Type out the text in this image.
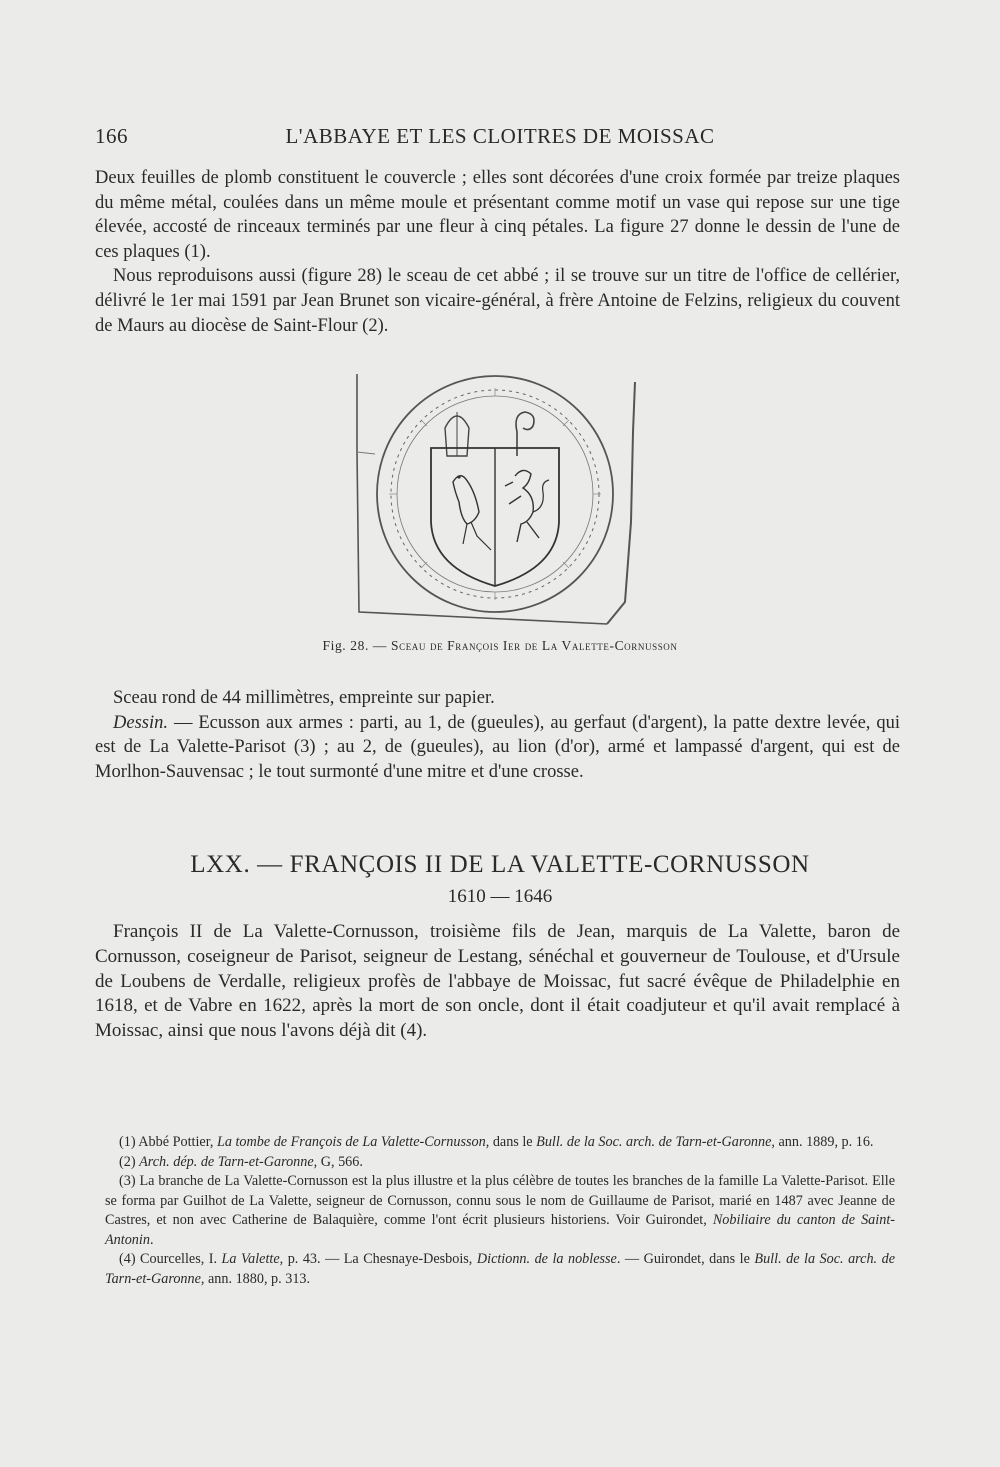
166	L'ABBAYE ET LES CLOITRES DE MOISSAC

Deux feuilles de plomb constituent le couvercle ; elles sont décorées d'une croix formée par treize plaques du même métal, coulées dans un même moule et présentant comme motif un vase qui repose sur une tige élevée, accosté de rinceaux terminés par une fleur à cinq pétales. La figure 27 donne le dessin de l'une de ces plaques (1).

Nous reproduisons aussi (figure 28) le sceau de cet abbé ; il se trouve sur un titre de l'office de cellérier, délivré le 1er mai 1591 par Jean Brunet son vicaire-général, à frère Antoine de Felzins, religieux du couvent de Maurs au diocèse de Saint-Flour (2).

Fig. 28. — Sceau de François Ier de La Valette-Cornusson

Sceau rond de 44 millimètres, empreinte sur papier.

Dessin. — Ecusson aux armes : parti, au 1, de (gueules), au gerfaut (d'argent), la patte dextre levée, qui est de La Valette-Parisot (3) ; au 2, de (gueules), au lion (d'or), armé et lampassé d'argent, qui est de Morlhon-Sauvensac ; le tout surmonté d'une mitre et d'une crosse.

LXX. — FRANÇOIS II DE LA VALETTE-CORNUSSON
1610 — 1646

François II de La Valette-Cornusson, troisième fils de Jean, marquis de La Valette, baron de Cornusson, coseigneur de Parisot, seigneur de Lestang, sénéchal et gouverneur de Toulouse, et d'Ursule de Loubens de Verdalle, religieux profès de l'abbaye de Moissac, fut sacré évêque de Philadelphie en 1618, et de Vabre en 1622, après la mort de son oncle, dont il était coadjuteur et qu'il avait remplacé à Moissac, ainsi que nous l'avons déjà dit (4).

(1) Abbé Pottier, La tombe de François de La Valette-Cornusson, dans le Bull. de la Soc. arch. de Tarn-et-Garonne, ann. 1889, p. 16.

(2) Arch. dép. de Tarn-et-Garonne, G, 566.

(3) La branche de La Valette-Cornusson est la plus illustre et la plus célèbre de toutes les branches de la famille La Valette-Parisot. Elle se forma par Guilhot de La Valette, seigneur de Cornusson, connu sous le nom de Guillaume de Parisot, marié en 1487 avec Jeanne de Castres, et non avec Catherine de Balaquière, comme l'ont écrit plusieurs historiens. Voir Guirondet, Nobiliaire du canton de Saint-Antonin.

(4) Courcelles, I. La Valette, p. 43. — La Chesnaye-Desbois, Dictionn. de la noblesse. — Guirondet, dans le Bull. de la Soc. arch. de Tarn-et-Garonne, ann. 1880, p. 313.
